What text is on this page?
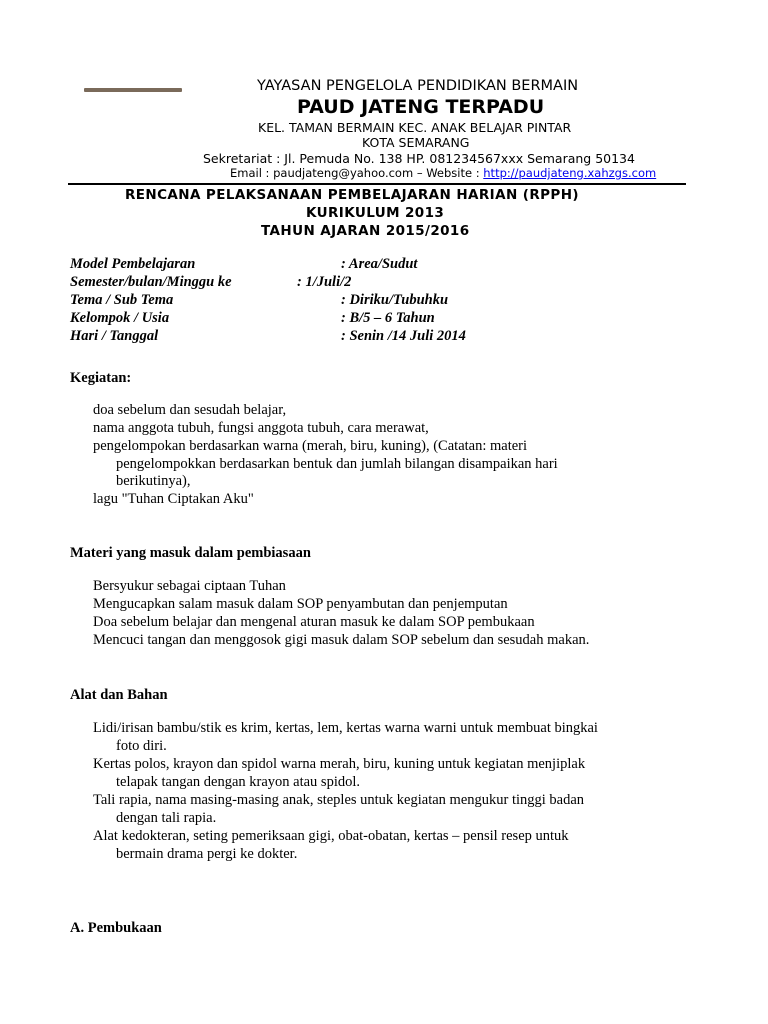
YAYASAN PENGELOLA PENDIDIKAN BERMAIN
PAUD JATENG TERPADU
KEL. TAMAN BERMAIN KEC. ANAK BELAJAR PINTAR
KOTA SEMARANG
Sekretariat : Jl. Pemuda No. 138 HP. 081234567xxx Semarang 50134
Email : paudjateng@yahoo.com – Website : http://paudjateng.xahzgs.com
RENCANA PELAKSANAAN PEMBELAJARAN HARIAN (RPPH)
KURIKULUM 2013
TAHUN AJARAN 2015/2016
Model Pembelajaran	: Area/Sudut
Semester/bulan/Minggu ke	: 1/Juli/2
Tema / Sub Tema	: Diriku/Tubuhku
Kelompok / Usia	: B/5 – 6 Tahun
Hari / Tanggal	: Senin /14 Juli 2014
Kegiatan:
doa sebelum dan sesudah belajar,
nama anggota tubuh, fungsi anggota tubuh, cara merawat,
pengelompokan berdasarkan warna (merah, biru, kuning), (Catatan: materi
pengelompokkan berdasarkan bentuk dan jumlah bilangan disampaikan hari
berikutinya),
lagu "Tuhan Ciptakan Aku"
Materi yang masuk dalam pembiasaan
Bersyukur sebagai ciptaan Tuhan
Mengucapkan salam masuk dalam SOP penyambutan dan penjemputan
Doa sebelum belajar dan mengenal aturan masuk ke dalam SOP pembukaan
Mencuci tangan dan menggosok gigi masuk dalam SOP sebelum dan sesudah makan.
Alat dan Bahan
Lidi/irisan bambu/stik es krim, kertas, lem, kertas warna warni untuk membuat bingkai
foto diri.
Kertas polos, krayon dan spidol warna merah, biru, kuning untuk kegiatan menjiplak
telapak tangan dengan krayon atau spidol.
Tali rapia, nama masing-masing anak, steples untuk kegiatan mengukur tinggi badan
dengan tali rapia.
Alat kedokteran, seting pemeriksaan gigi, obat-obatan, kertas – pensil resep untuk
bermain drama pergi ke dokter.
A. Pembukaan
